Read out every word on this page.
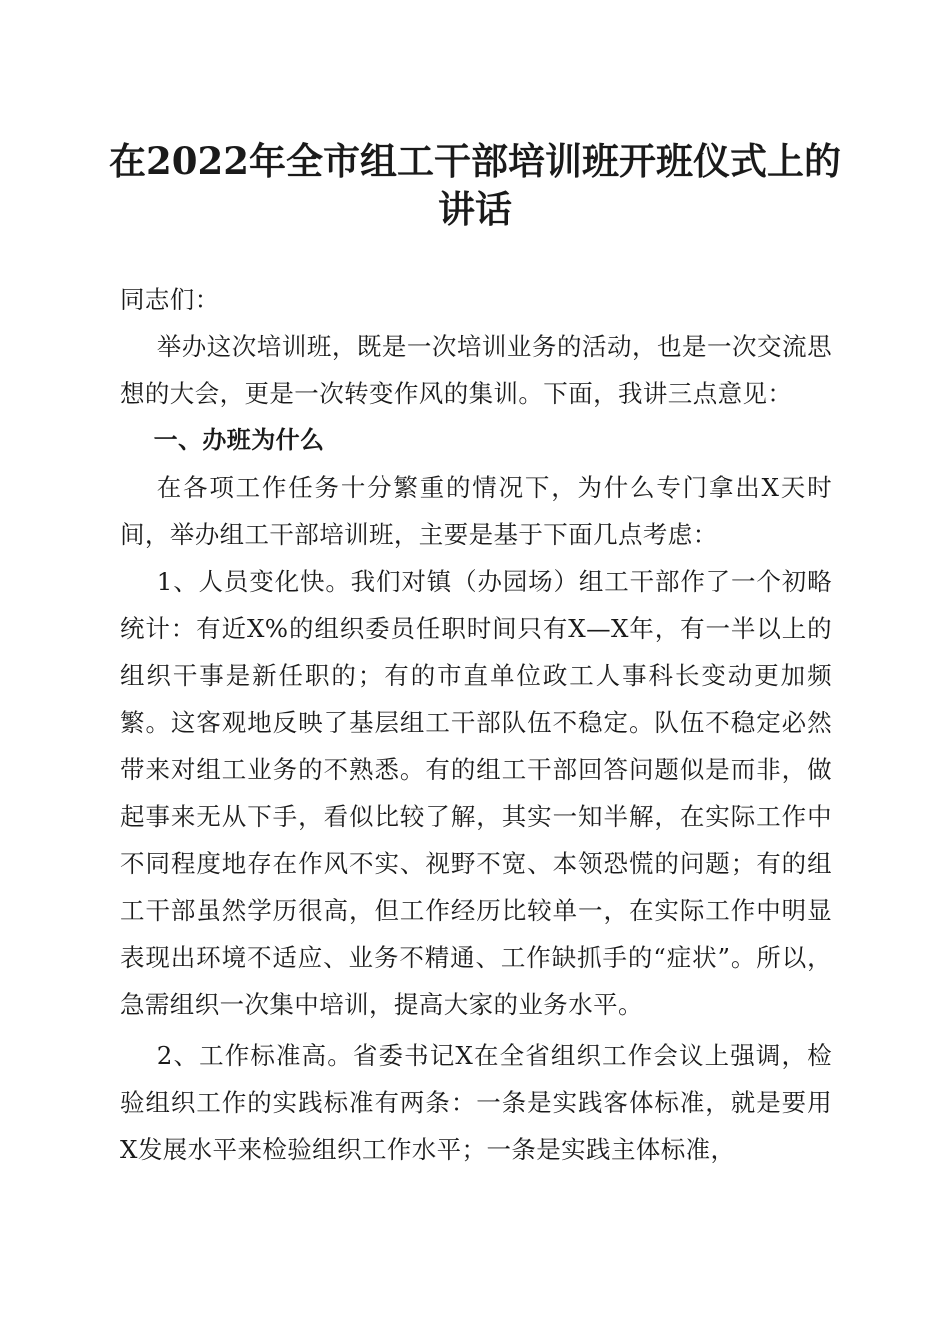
在2022年全市组工干部培训班开班仪式上的
讲话

同志们：

举办这次培训班，既是一次培训业务的活动，也是一次交流思想的大会，更是一次转变作风的集训。下面，我讲三点意见：

一、办班为什么

在各项工作任务十分繁重的情况下，为什么专门拿出X天时间，举办组工干部培训班，主要是基于下面几点考虑：

1、人员变化快。我们对镇（办园场）组工干部作了一个初略统计：有近X%的组织委员任职时间只有X—X年，有一半以上的组织干事是新任职的；有的市直单位政工人事科长变动更加频繁。这客观地反映了基层组工干部队伍不稳定。队伍不稳定必然带来对组工业务的不熟悉。有的组工干部回答问题似是而非，做起事来无从下手，看似比较了解，其实一知半解，在实际工作中不同程度地存在作风不实、视野不宽、本领恐慌的问题；有的组工干部虽然学历很高，但工作经历比较单一，在实际工作中明显表现出环境不适应、业务不精通、工作缺抓手的“症状”。所以，急需组织一次集中培训，提高大家的业务水平。

2、工作标准高。省委书记X在全省组织工作会议上强调，检验组织工作的实践标准有两条：一条是实践客体标准，就是要用X发展水平来检验组织工作水平；一条是实践主体标准，
